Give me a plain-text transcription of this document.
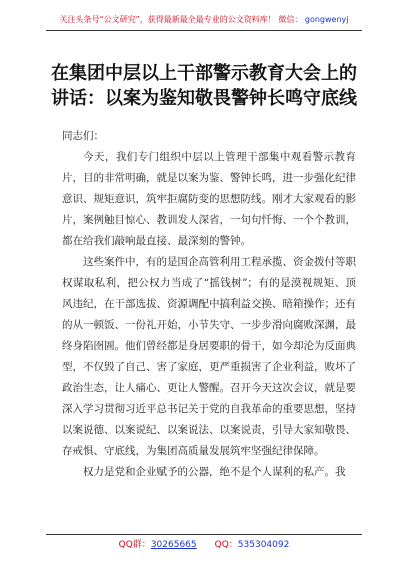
关注头条号“公文研究”，获得最新最全最专业的公文资料库！ 微信： gongwenyj
在集团中层以上干部警示教育大会上的讲话：以案为鉴知敬畏警钟长鸣守底线

同志们：

今天，我们专门组织中层以上管理干部集中观看警示教育片，目的非常明确，就是以案为鉴、警钟长鸣，进一步强化纪律意识、规矩意识，筑牢拒腐防变的思想防线。刚才大家观看的影片，案例触目惊心、教训发人深省，一句句忏悔、一个个教训，都在给我们敲响最直接、最深刻的警钟。

这些案件中，有的是国企高管利用工程承揽、资金拨付等职权谋取私利，把公权力当成了“摇钱树”；有的是漠视规矩、顶风违纪，在干部选拔、资源调配中搞利益交换、暗箱操作；还有的从一顿饭、一份礼开始，小节失守、一步步滑向腐败深渊，最终身陷囹圄。他们曾经都是身居要职的骨干，如今却沦为反面典型，不仅毁了自己、害了家庭，更严重损害了企业利益，败坏了政治生态，让人痛心、更让人警醒。召开今天这次会议，就是要深入学习贯彻习近平总书记关于党的自我革命的重要思想，坚持以案说德、以案说纪、以案说法、以案说责，引导大家知敬畏、存戒惧、守底线，为集团高质量发展筑牢坚强纪律保障。

权力是党和企业赋予的公器，绝不是个人谋利的私产。我

QQ群：30265665 QQ：535304092
